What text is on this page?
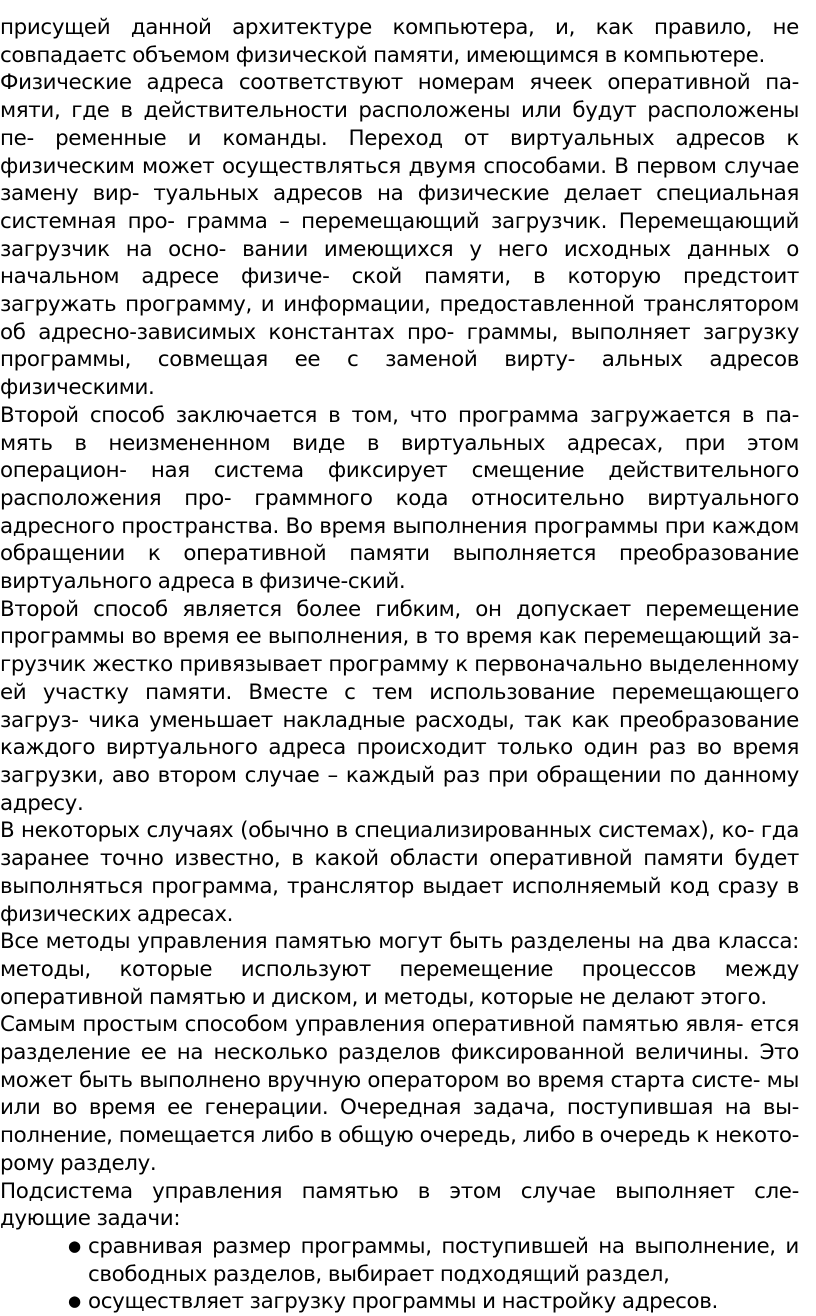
присущей данной архитектуре компьютера, и, как правило, не совпадаетс объемом физической памяти, имеющимся в компьютере.

Физические адреса соответствуют номерам ячеек оперативной па- мяти, где в действительности расположены или будут расположены пе- ременные и команды. Переход от виртуальных адресов к физическим может осуществляться двумя способами. В первом случае замену вир- туальных адресов на физические делает специальная системная про- грамма – перемещающий загрузчик. Перемещающий загрузчик на осно- вании имеющихся у него исходных данных о начальном адресе физиче- ской памяти, в которую предстоит загружать программу, и информации, предоставленной транслятором об адресно-зависимых константах про- граммы, выполняет загрузку программы, совмещая ее с заменой вирту- альных адресов физическими.

Второй способ заключается в том, что программа загружается в па- мять в неизмененном виде в виртуальных адресах, при этом операцион- ная система фиксирует смещение действительного расположения про- граммного кода относительно виртуального адресного пространства. Во время выполнения программы при каждом обращении к оперативной памяти выполняется преобразование виртуального адреса в физиче-ский.

Второй способ является более гибким, он допускает перемещение программы во время ее выполнения, в то время как перемещающий за- грузчик жестко привязывает программу к первоначально выделенному ей участку памяти. Вместе с тем использование перемещающего загруз- чика уменьшает накладные расходы, так как преобразование каждого виртуального адреса происходит только один раз во время загрузки, аво втором случае – каждый раз при обращении по данному адресу.

В некоторых случаях (обычно в специализированных системах), ко- гда заранее точно известно, в какой области оперативной памяти будет выполняться программа, транслятор выдает исполняемый код сразу в физических адресах.

Все методы управления памятью могут быть разделены на два класса: методы, которые используют перемещение процессов между оперативной памятью и диском, и методы, которые не делают этого.

Самым простым способом управления оперативной памятью явля- ется разделение ее на несколько разделов фиксированной величины. Это может быть выполнено вручную оператором во время старта систе- мы или во время ее генерации. Очередная задача, поступившая на вы- полнение, помещается либо в общую очередь, либо в очередь к некото- рому разделу.

Подсистема управления памятью в этом случае выполняет сле- дующие задачи:

● сравнивая размер программы, поступившей на выполнение, и свободных разделов, выбирает подходящий раздел,
● осуществляет загрузку программы и настройку адресов.
